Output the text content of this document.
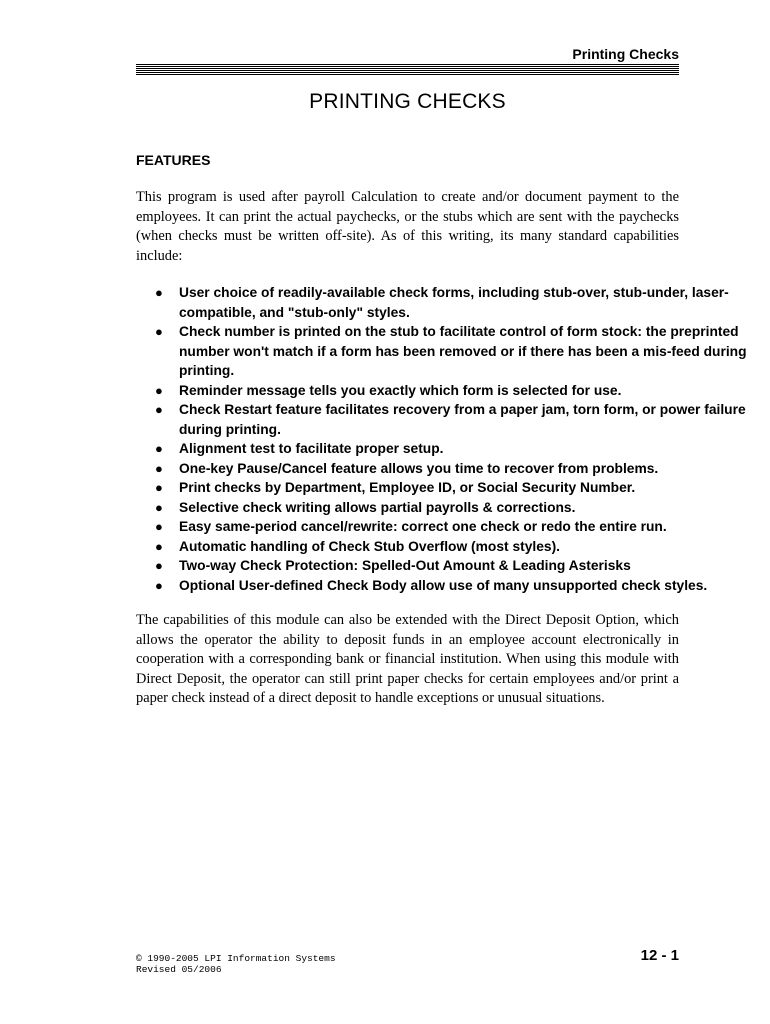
Printing Checks
PRINTING CHECKS
FEATURES

This program is used after payroll Calculation to create and/or document payment to the employees. It can print the actual paychecks, or the stubs which are sent with the paychecks (when checks must be written off-site). As of this writing, its many standard capabilities include:

● User choice of readily-available check forms, including stub-over, stub-under, laser-compatible, and "stub-only" styles.
● Check number is printed on the stub to facilitate control of form stock: the preprinted number won't match if a form has been removed or if there has been a mis-feed during printing.
● Reminder message tells you exactly which form is selected for use.
● Check Restart feature facilitates recovery from a paper jam, torn form, or power failure during printing.
● Alignment test to facilitate proper setup.
● One-key Pause/Cancel feature allows you time to recover from problems.
● Print checks by Department, Employee ID, or Social Security Number.
● Selective check writing allows partial payrolls & corrections.
● Easy same-period cancel/rewrite: correct one check or redo the entire run.
● Automatic handling of Check Stub Overflow (most styles).
● Two-way Check Protection: Spelled-Out Amount & Leading Asterisks
● Optional User-defined Check Body allow use of many unsupported check styles.

The capabilities of this module can also be extended with the Direct Deposit Option, which allows the operator the ability to deposit funds in an employee account electronically in cooperation with a corresponding bank or financial institution. When using this module with Direct Deposit, the operator can still print paper checks for certain employees and/or print a paper check instead of a direct deposit to handle exceptions or unusual situations.

© 1990-2005 LPI Information Systems
Revised 05/2006
12 - 1
